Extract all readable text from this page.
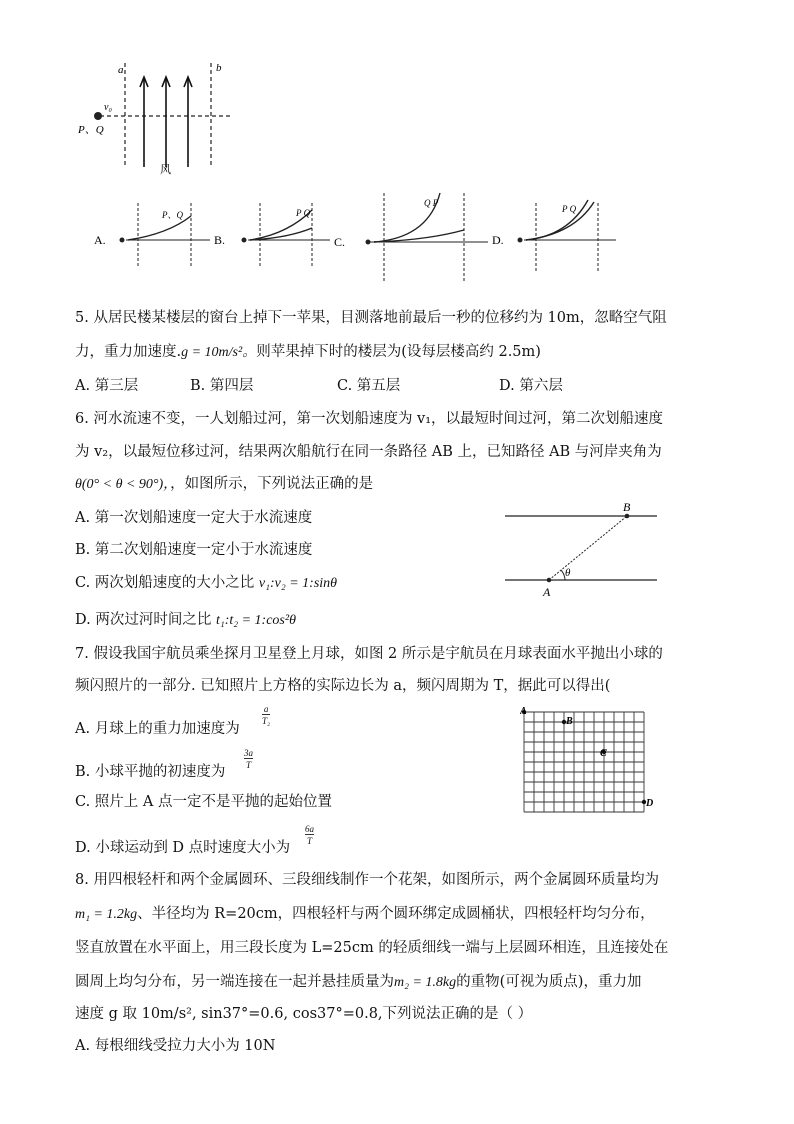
a	b
v₀
P、Q
风
A.
P、Q
B.
P Q
C.
Q P
D.
P Q
5. 从居民楼某楼层的窗台上掉下一苹果，目测落地前最后一秒的位移约为 10m，忽略空气阻
力，重力加速度.g = 10m/s²。则苹果掉下时的楼层为(设每层楼高约 2.5m)
A. 第三层	B. 第四层	C. 第五层	D. 第六层
6. 河水流速不变，一人划船过河，第一次划船速度为 v₁，以最短时间过河，第二次划船速度
为 v₂，以最短位移过河，结果两次船航行在同一条路径 AB 上，已知路径 AB 与河岸夹角为
θ(0° < θ < 90°)，，如图所示，下列说法正确的是
A. 第一次划船速度一定大于水流速度
B. 第二次划船速度一定小于水流速度
C. 两次划船速度的大小之比 v₁:v₂ = 1:sinθ
D. 两次过河时间之比 t₁:t₂ = 1:cos²θ
B
A
θ
7. 假设我国宇航员乘坐探月卫星登上月球，如图 2 所示是宇航员在月球表面水平抛出小球的
频闪照片的一部分. 已知照片上方格的实际边长为 a，频闪周期为 T，据此可以得出(
A. 月球上的重力加速度为
$\frac{a}{\text{T₂}}$
B. 小球平抛的初速度为
$\frac{3a}{T}$
C. 照片上 A 点一定不是平抛的起始位置
D. 小球运动到 D 点时速度大小为
$\frac{6a}{T}$
A
B
C
D
8. 用四根轻杆和两个金属圆环、三段细线制作一个花架，如图所示，两个金属圆环质量均为
m₁ = 1.2kg、半径均为 R=20cm，四根轻杆与两个圆环绑定成圆桶状，四根轻杆均匀分布，
竖直放置在水平面上，用三段长度为 L=25cm 的轻质细线一端与上层圆环相连，且连接处在
圆周上均匀分布，另一端连接在一起并悬挂质量为m₂ = 1.8kg的重物(可视为质点)，重力加
速度 g 取 10m/s², sin37°=0.6, cos37°=0.8,下列说法正确的是（ ）
A. 每根细线受拉力大小为 10N
